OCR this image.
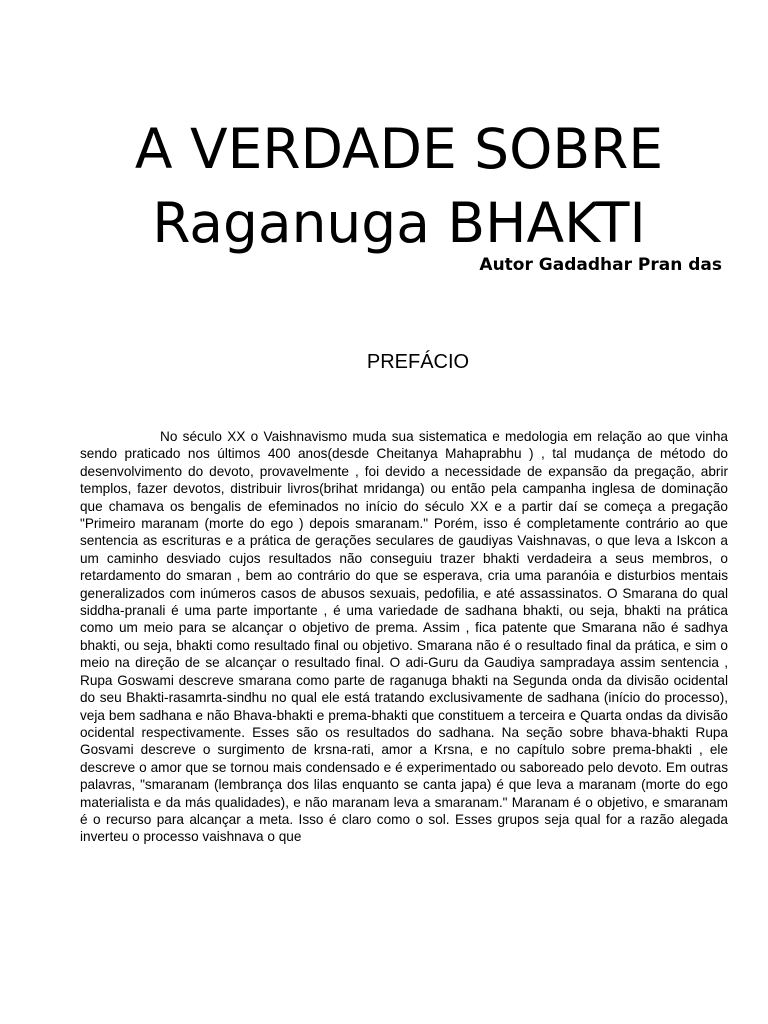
A VERDADE SOBRE
Raganuga BHAKTI

Autor Gadadhar Pran das

PREFÁCIO

No século XX o Vaishnavismo muda sua sistematica e medologia em relação ao que vinha sendo praticado nos últimos 400 anos(desde Cheitanya Mahaprabhu ) , tal mudança de método do desenvolvimento do devoto, provavelmente , foi devido a necessidade de expansão da pregação, abrir templos, fazer devotos, distribuir livros(brihat mridanga) ou então pela campanha inglesa de dominação que chamava os bengalis de efeminados no início do século XX e a partir daí se começa a pregação "Primeiro maranam (morte do ego ) depois smaranam." Porém, isso é completamente contrário ao que sentencia as escrituras e a prática de gerações seculares de gaudiyas Vaishnavas, o que leva a Iskcon a um caminho desviado cujos resultados não conseguiu trazer bhakti verdadeira a seus membros, o retardamento do smaran , bem ao contrário do que se esperava, cria uma paranóia e disturbios mentais generalizados com inúmeros casos de abusos sexuais, pedofilia, e até assassinatos. O Smarana do qual siddha-pranali é uma parte importante , é uma variedade de sadhana bhakti, ou seja, bhakti na prática como um meio para se alcançar o objetivo de prema. Assim , fica patente que Smarana não é sadhya bhakti, ou seja, bhakti como resultado final ou objetivo. Smarana não é o resultado final da prática, e sim o meio na direção de se alcançar o resultado final. O adi-Guru da Gaudiya sampradaya assim sentencia , Rupa Goswami descreve smarana como parte de raganuga bhakti na Segunda onda da divisão ocidental do seu Bhakti-rasamrta-sindhu no qual ele está tratando exclusivamente de sadhana (início do processo), veja bem sadhana e não Bhava-bhakti e prema-bhakti que constituem a terceira e Quarta ondas da divisão ocidental respectivamente. Esses são os resultados do sadhana. Na seção sobre bhava-bhakti Rupa Gosvami descreve o surgimento de krsna-rati, amor a Krsna, e no capítulo sobre prema-bhakti , ele descreve o amor que se tornou mais condensado e é experimentado ou saboreado pelo devoto. Em outras palavras, "smaranam (lembrança dos lilas enquanto se canta japa) é que leva a maranam (morte do ego materialista e da más qualidades), e não maranam leva a smaranam." Maranam é o objetivo, e smaranam é o recurso para alcançar a meta. Isso é claro como o sol. Esses grupos seja qual for a razão alegada inverteu o processo vaishnava o que
